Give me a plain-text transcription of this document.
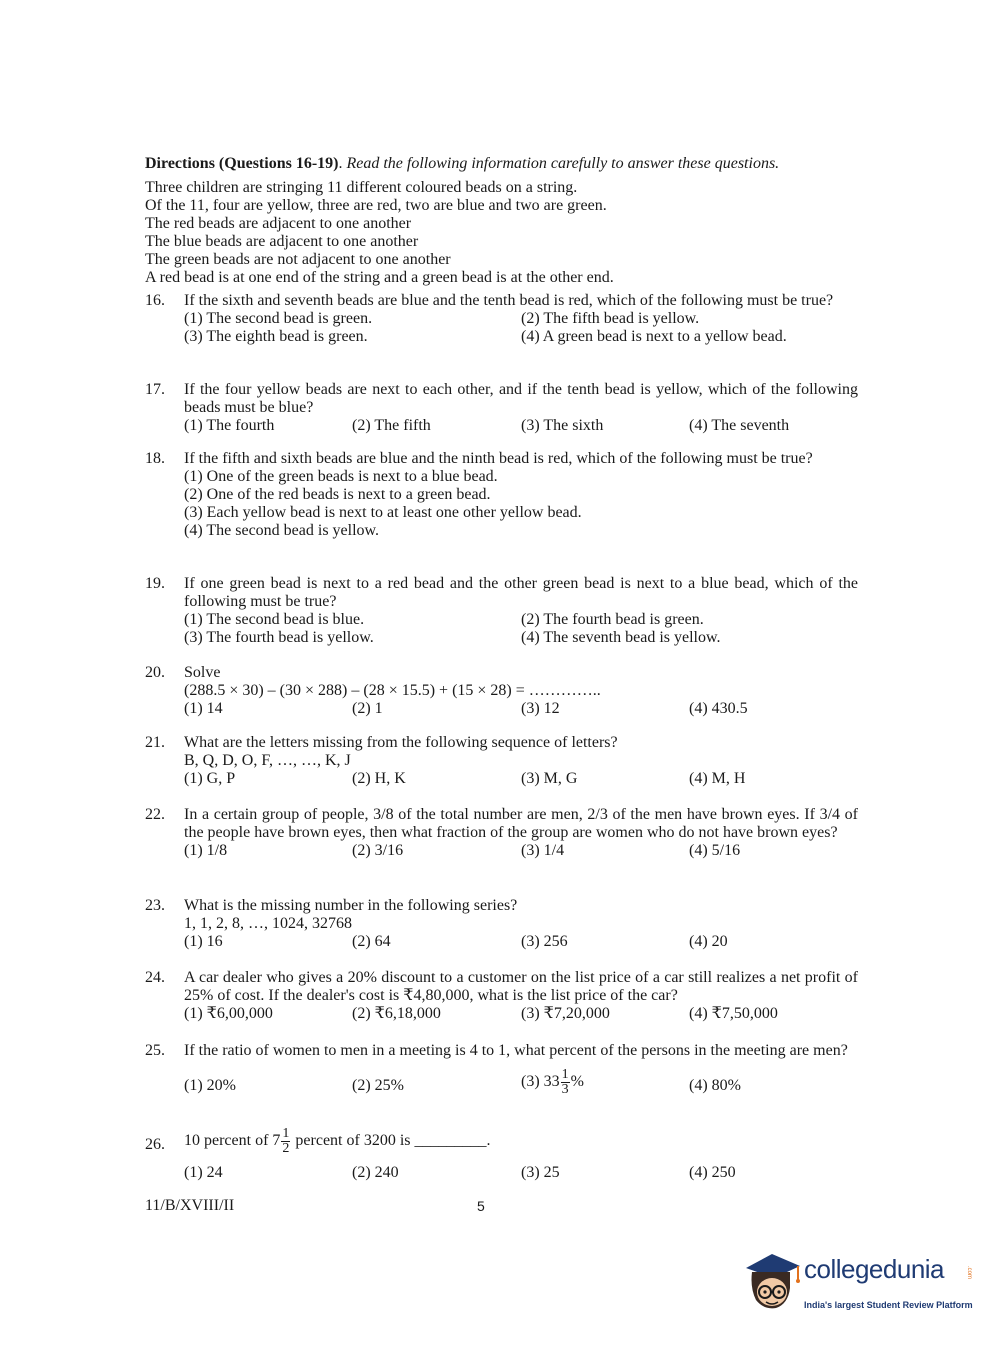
Directions (Questions 16-19). Read the following information carefully to answer these questions.
Three children are stringing 11 different coloured beads on a string.
Of the 11, four are yellow, three are red, two are blue and two are green.
The red beads are adjacent to one another
The blue beads are adjacent to one another
The green beads are not adjacent to one another
A red bead is at one end of the string and a green bead is at the other end.
16.	If the sixth and seventh beads are blue and the tenth bead is red, which of the following must be true?
(1) The second bead is green.	(2) The fifth bead is yellow.
(3) The eighth bead is green.	(4) A green bead is next to a yellow bead.
17.	If the four yellow beads are next to each other, and if the tenth bead is yellow, which of the following beads must be blue?
(1) The fourth	(2) The fifth	(3) The sixth	(4) The seventh
18.	If the fifth and sixth beads are blue and the ninth bead is red, which of the following must be true?
(1) One of the green beads is next to a blue bead.
(2) One of the red beads is next to a green bead.
(3) Each yellow bead is next to at least one other yellow bead.
(4) The second bead is yellow.
19.	If one green bead is next to a red bead and the other green bead is next to a blue bead, which of the following must be true?
(1) The second bead is blue.	(2) The fourth bead is green.
(3) The fourth bead is yellow.	(4) The seventh bead is yellow.
20.	Solve
(288.5 × 30) – (30 × 288) – (28 × 15.5) + (15 × 28) = …………..
(1) 14	(2) 1	(3) 12	(4) 430.5
21.	What are the letters missing from the following sequence of letters?
B, Q, D, O, F, …, …, K, J
(1) G, P	(2) H, K	(3) M, G	(4) M, H
22.	In a certain group of people, 3/8 of the total number are men, 2/3 of the men have brown eyes. If 3/4 of the people have brown eyes, then what fraction of the group are women who do not have brown eyes?
(1) 1/8	(2) 3/16	(3) 1/4	(4) 5/16
23.	What is the missing number in the following series?
1, 1, 2, 8, …, 1024, 32768
(1) 16	(2) 64	(3) 256	(4) 20
24.	A car dealer who gives a 20% discount to a customer on the list price of a car still realizes a net profit of 25% of cost. If the dealer's cost is ₹4,80,000, what is the list price of the car?
(1) ₹6,00,000	(2) ₹6,18,000	(3) ₹7,20,000	(4) ₹7,50,000
25.	If the ratio of women to men in a meeting is 4 to 1, what percent of the persons in the meeting are men?
(1) 20%	(2) 25%	(3) $33 \frac{1}{3}$ %	(4) 80%
26.	10 percent of $7 \frac{1}{2}$ percent of 3200 is _________.
(1) 24	(2) 240	(3) 25	(4) 250
11/B/XVIII/II	5
collegedunia	.com
India's largest Student Review Platform
